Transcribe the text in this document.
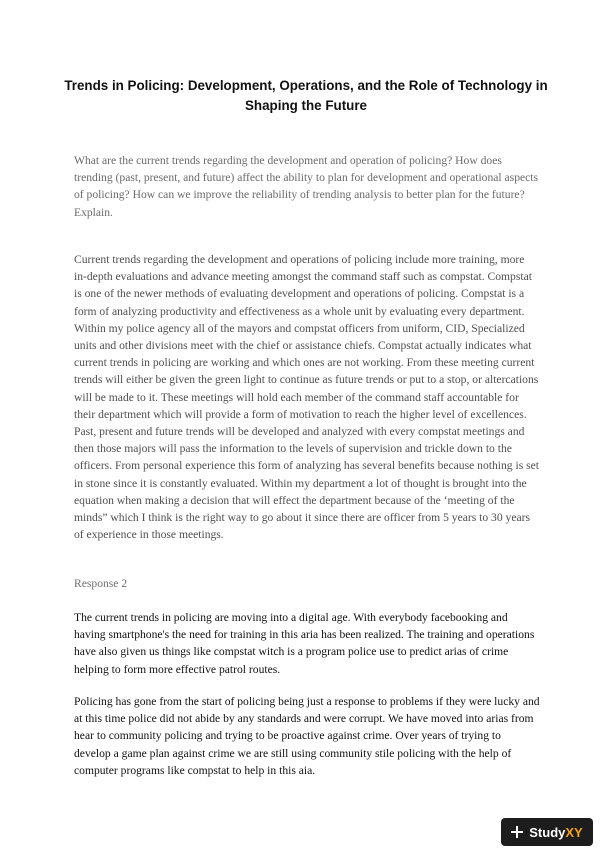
Trends in Policing: Development, Operations, and the Role of Technology in Shaping the Future

What are the current trends regarding the development and operation of policing? How does trending (past, present, and future) affect the ability to plan for development and operational aspects of policing? How can we improve the reliability of trending analysis to better plan for the future? Explain.

Current trends regarding the development and operations of policing include more training, more in-depth evaluations and advance meeting amongst the command staff such as compstat. Compstat is one of the newer methods of evaluating development and operations of policing. Compstat is a form of analyzing productivity and effectiveness as a whole unit by evaluating every department. Within my police agency all of the mayors and compstat officers from uniform, CID, Specialized units and other divisions meet with the chief or assistance chiefs. Compstat actually indicates what current trends in policing are working and which ones are not working. From these meeting current trends will either be given the green light to continue as future trends or put to a stop, or altercations will be made to it. These meetings will hold each member of the command staff accountable for their department which will provide a form of motivation to reach the higher level of excellences. Past, present and future trends will be developed and analyzed with every compstat meetings and then those majors will pass the information to the levels of supervision and trickle down to the officers. From personal experience this form of analyzing has several benefits because nothing is set in stone since it is constantly evaluated. Within my department a lot of thought is brought into the equation when making a decision that will effect the department because of the ‘meeting of the minds” which I think is the right way to go about it since there are officer from 5 years to 30 years of experience in those meetings.

Response 2

The current trends in policing are moving into a digital age. With everybody facebooking and having smartphone's the need for training in this aria has been realized. The training and operations have also given us things like compstat witch is a program police use to predict arias of crime helping to form more effective patrol routes.

Policing has gone from the start of policing being just a response to problems if they were lucky and at this time police did not abide by any standards and were corrupt. We have moved into arias from hear to community policing and trying to be proactive against crime. Over years of trying to develop a game plan against crime we are still using community stile policing with the help of computer programs like compstat to help in this aia.

Study XY
